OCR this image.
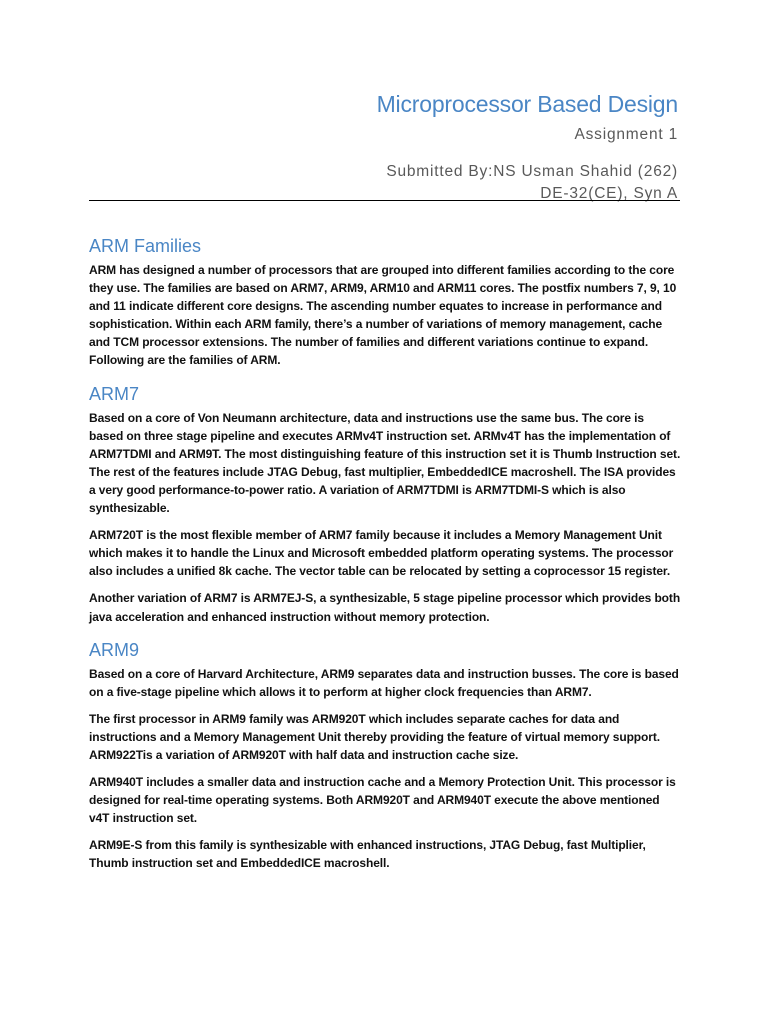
Microprocessor Based Design
Assignment 1
Submitted By:NS Usman Shahid (262)
DE-32(CE), Syn A
ARM Families

ARM has designed a number of processors that are grouped into different families according to the core they use. The families are based on ARM7, ARM9, ARM10 and ARM11 cores. The postfix numbers 7, 9, 10 and 11 indicate different core designs. The ascending number equates to increase in performance and sophistication. Within each ARM family, there’s a number of variations of memory management, cache and TCM processor extensions. The number of families and different variations continue to expand. Following are the families of ARM.

ARM7

Based on a core of Von Neumann architecture, data and instructions use the same bus. The core is based on three stage pipeline and executes ARMv4T instruction set. ARMv4T has the implementation of ARM7TDMI and ARM9T. The most distinguishing feature of this instruction set it is Thumb Instruction set. The rest of the features include JTAG Debug, fast multiplier, EmbeddedICE macroshell. The ISA provides a very good performance-to-power ratio. A variation of ARM7TDMI is ARM7TDMI-S which is also synthesizable.

ARM720T is the most flexible member of ARM7 family because it includes a Memory Management Unit which makes it to handle the Linux and Microsoft embedded platform operating systems. The processor also includes a unified 8k cache. The vector table can be relocated by setting a coprocessor 15 register.

Another variation of ARM7 is ARM7EJ-S, a synthesizable, 5 stage pipeline processor which provides both java acceleration and enhanced instruction without memory protection.

ARM9

Based on a core of Harvard Architecture, ARM9 separates data and instruction busses. The core is based on a five-stage pipeline which allows it to perform at higher clock frequencies than ARM7.

The first processor in ARM9 family was ARM920T which includes separate caches for data and instructions and a Memory Management Unit thereby providing the feature of virtual memory support. ARM922Tis a variation of ARM920T with half data and instruction cache size.

ARM940T includes a smaller data and instruction cache and a Memory Protection Unit. This processor is designed for real-time operating systems. Both ARM920T and ARM940T execute the above mentioned v4T instruction set.

ARM9E-S from this family is synthesizable with enhanced instructions, JTAG Debug, fast Multiplier, Thumb instruction set and EmbeddedICE macroshell.
